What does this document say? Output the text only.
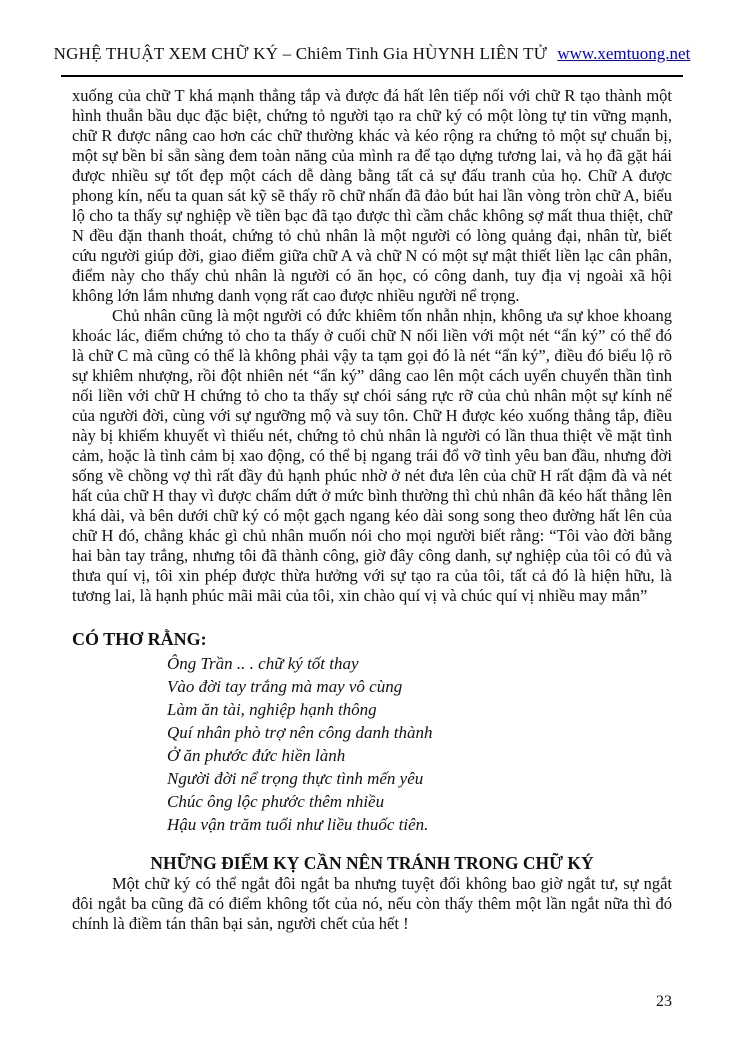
NGHỆ THUẬT XEM CHỮ KÝ – Chiêm Tinh Gia HÙYNH LIÊN TỬ www.xemtuong.net

xuống của chữ T khá mạnh thẳng tắp và được đá hất lên tiếp nối với chữ R tạo thành một hình thuẫn bầu dục đặc biệt, chứng tỏ người tạo ra chữ ký có một lòng tự tin vững mạnh, chữ R được nâng cao hơn các chữ thường khác và kéo rộng ra chứng tỏ một sự chuẩn bị, một sự bền bỉ sẵn sàng đem toàn năng của mình ra để tạo dựng tương lai, và họ đã gặt hái được nhiều sự tốt đẹp một cách dễ dàng bằng tất cả sự đấu tranh của họ. Chữ A được phong kín, nếu ta quan sát kỹ sẽ thấy rõ chữ nhấn đã đảo bút hai lần vòng tròn chữ A, biểu lộ cho ta thấy sự nghiệp về tiền bạc đã tạo được thì cầm chắc không sợ mất thua thiệt, chữ N đều đặn thanh thoát, chứng tỏ chủ nhân là một người có lòng quảng đại, nhân từ, biết cứu người giúp đời, giao điểm giữa chữ A và chữ N có một sự mật thiết liền lạc cân phân, điểm này cho thấy chủ nhân là người có ăn học, có công danh, tuy địa vị ngoài xã hội không lớn lắm nhưng danh vọng rất cao được nhiều người nể trọng.

Chủ nhân cũng là một người có đức khiêm tốn nhẫn nhịn, không ưa sự khoe khoang khoác lác, điểm chứng tỏ cho ta thấy ở cuối chữ N nối liền với một nét “ẩn ký” có thể đó là chữ C mà cũng có thể là không phải vậy ta tạm gọi đó là nét “ẩn ký”, điều đó biểu lộ rõ sự khiêm nhượng, rồi đột nhiên nét “ẩn ký” dâng cao lên một cách uyển chuyển thần tình nối liền với chữ H chứng tỏ cho ta thấy sự chói sáng rực rỡ của chủ nhân một sự kính nể của người đời, cùng với sự ngưỡng mộ và suy tôn. Chữ H được kéo xuống thẳng tắp, điều này bị khiếm khuyết vì thiếu nét, chứng tỏ chủ nhân là người có lần thua thiệt về mặt tình cảm, hoặc là tình cảm bị xao động, có thể bị ngang trái đổ vỡ tình yêu ban đầu, nhưng đời sống về chồng vợ thì rất đầy đủ hạnh phúc nhờ ở nét đưa lên của chữ H rất đậm đà và nét hất của chữ H thay vì được chấm dứt ở mức bình thường thì chủ nhân đã kéo hất thẳng lên khá dài, và bên dưới chữ ký có một gạch ngang kéo dài song song theo đường hất lên của chữ H đó, chẳng khác gì chủ nhân muốn nói cho mọi người biết rằng: “Tôi vào đời bằng hai bàn tay trắng, nhưng tôi đã thành công, giờ đây công danh, sự nghiệp của tôi có đủ và thưa quí vị, tôi xin phép được thừa hưởng với sự tạo ra của tôi, tất cả đó là hiện hữu, là tương lai, là hạnh phúc mãi mãi của tôi, xin chào quí vị và chúc quí vị nhiều may mắn”

CÓ THƠ RẰNG:
Ông Trần .. . chữ ký tốt thay
Vào đời tay trắng mà may vô cùng
Làm ăn tài, nghiệp hạnh thông
Quí nhân phò trợ nên công danh thành
Ở ăn phước đức hiền lành
Người đời nể trọng thực tình mến yêu
Chúc ông lộc phước thêm nhiều
Hậu vận trăm tuổi như liều thuốc tiên.
NHỮNG ĐIỂM KỴ CẦN NÊN TRÁNH TRONG CHỮ KÝ

Một chữ ký có thể ngắt đôi ngắt ba nhưng tuyệt đối không bao giờ ngắt tư, sự ngắt đôi ngắt ba cũng đã có điểm không tốt của nó, nếu còn thấy thêm một lần ngắt nữa thì đó chính là điềm tán thân bại sản, người chết của hết !

23
